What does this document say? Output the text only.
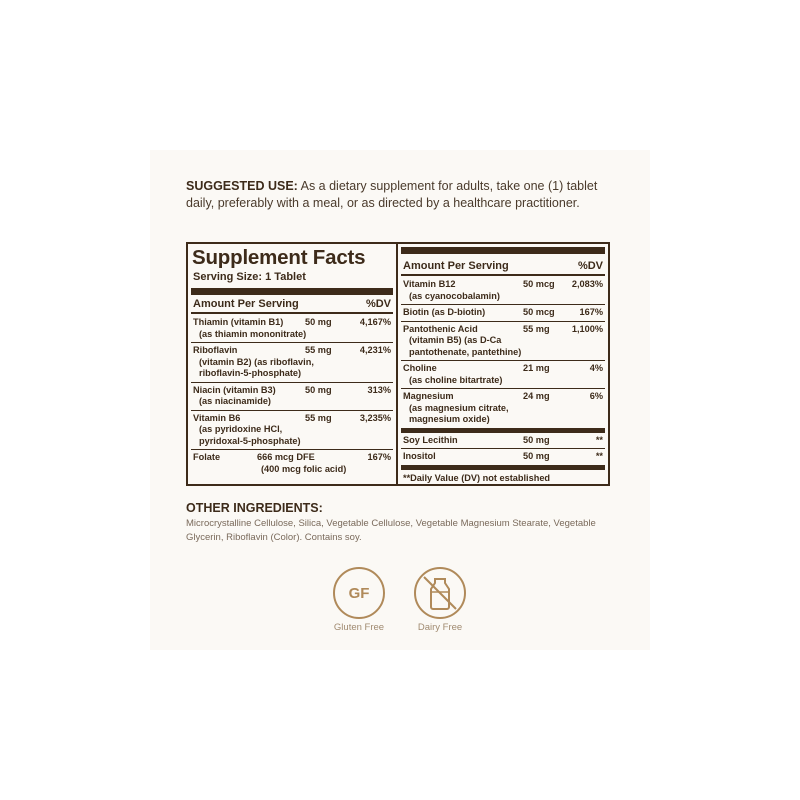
SUGGESTED USE: As a dietary supplement for adults, take one (1) tablet daily, preferably with a meal, or as directed by a healthcare practitioner.
Supplement Facts
Serving Size: 1 Tablet
Amount Per Serving	%DV
Thiamin (vitamin B1)
(as thiamin mononitrate)
50 mg	4,167%
Riboflavin
(vitamin B2) (as riboflavin,
riboflavin-5-phosphate)
55 mg	4,231%
Niacin (vitamin B3)
(as niacinamide)
50 mg	313%
Vitamin B6
(as pyridoxine HCl,
pyridoxal-5-phosphate)
55 mg	3,235%
Folate
(400 mcg folic acid)
666 mcg DFE	167%
Amount Per Serving	%DV
Vitamin B12
(as cyanocobalamin)
50 mcg 2,083%
Biotin (as D-biotin)	50 mcg	167%
Pantothenic Acid
(vitamin B5) (as D-Ca
pantothenate, pantethine)
55 mg 1,100%
Choline
(as choline bitartrate)
21 mg	4%
Magnesium
(as magnesium citrate,
magnesium oxide)
24 mg	6%
Soy Lecithin	50 mg	**
Inositol	50 mg	**
**Daily Value (DV) not established
OTHER INGREDIENTS:
Microcrystalline Cellulose, Silica, Vegetable Cellulose, Vegetable Magnesium Stearate, Vegetable Glycerin, Riboflavin (Color). Contains soy.
GF
Gluten Free	Dairy Free
